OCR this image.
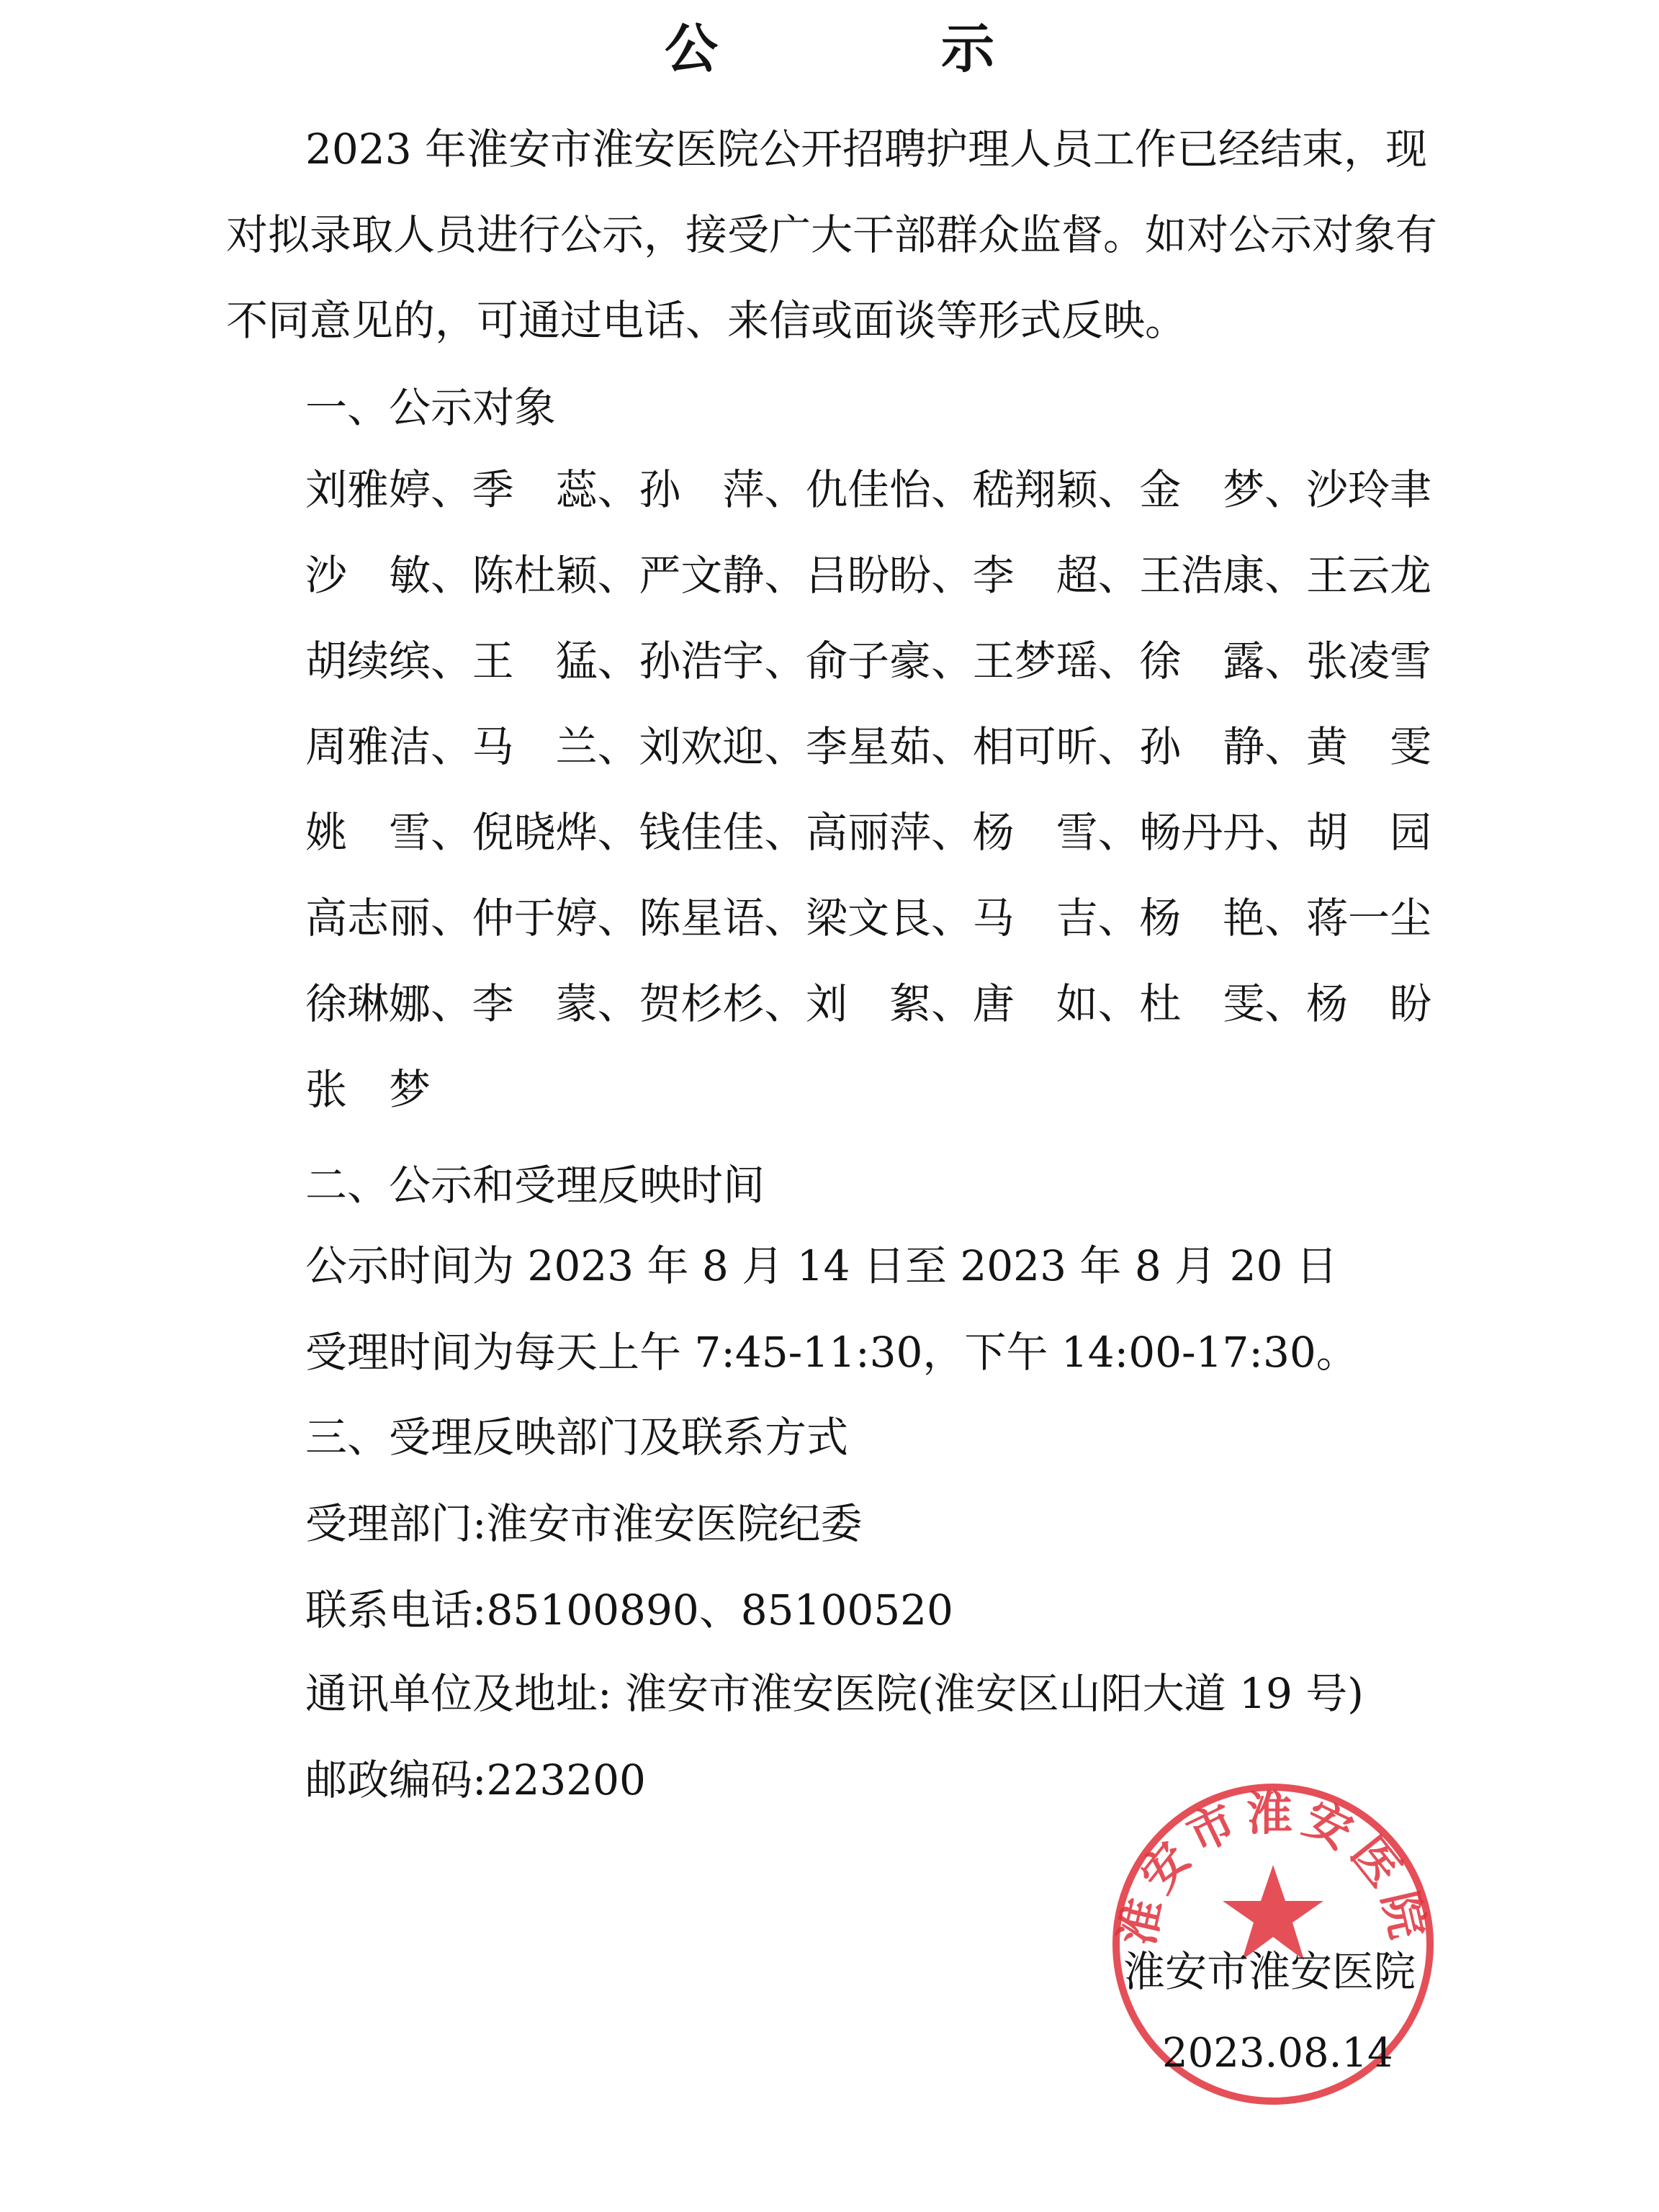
公　示

2023 年淮安市淮安医院公开招聘护理人员工作已经结束，现对拟录取人员进行公示，接受广大干部群众监督。如对公示对象有不同意见的，可通过电话、来信或面谈等形式反映。

一、公示对象
刘雅婷、 季　蕊、 孙　萍、 仇佳怡、 嵇翔颖、 金　梦、 沙玲聿
沙　敏、 陈杜颖、 严文静、 吕盼盼、 李　超、 王浩康、 王云龙
胡续缤、 王　猛、 孙浩宇、 俞子豪、 王梦瑶、 徐　露、 张凌雪
周雅洁、 马　兰、 刘欢迎、 李星茹、 相可昕、 孙　静、 黄　雯
姚　雪、 倪晓烨、 钱佳佳、 高丽萍、 杨　雪、 畅丹丹、 胡　园
高志丽、 仲于婷、 陈星语、 梁文艮、 马　吉、 杨　艳、 蒋一尘
徐琳娜、 李　蒙、 贺杉杉、 刘　絮、 唐　如、 杜　雯、 杨　盼
张　梦
二、公示和受理反映时间
公示时间为 2023 年 8 月 14 日至 2023 年 8 月 20 日
受理时间为每天上午 7:45-11:30，下午 14:00-17:30。
三、受理反映部门及联系方式
受理部门:淮安市淮安医院纪委
联系电话:85100890、85100520
通讯单位及地址: 淮安市淮安医院(淮安区山阳大道 19 号)
邮政编码:223200
淮安市淮安医院
淮安市淮安医院
2023.08.14
